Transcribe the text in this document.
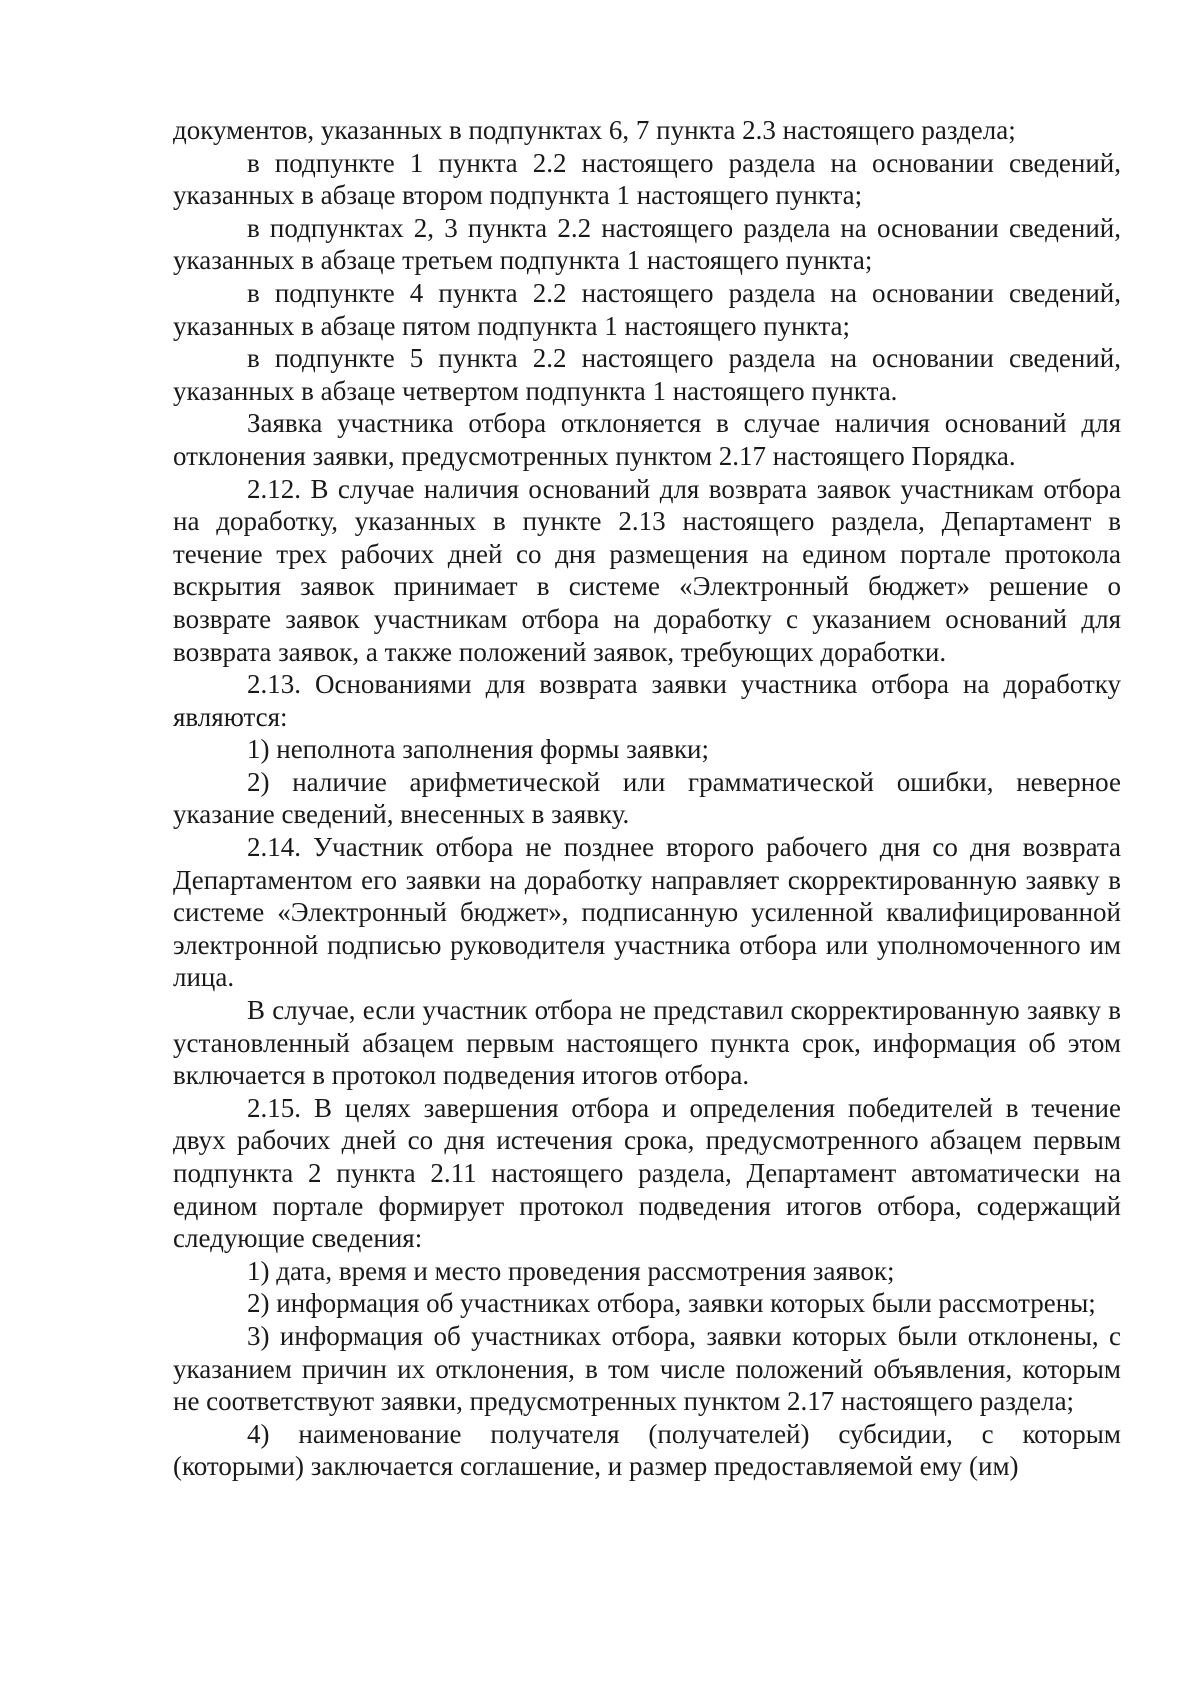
документов, указанных в подпунктах 6, 7 пункта 2.3 настоящего раздела;

в подпункте 1 пункта 2.2 настоящего раздела на основании сведений, указанных в абзаце втором подпункта 1 настоящего пункта;

в подпунктах 2, 3 пункта 2.2 настоящего раздела на основании сведений, указанных в абзаце третьем подпункта 1 настоящего пункта;

в подпункте 4 пункта 2.2 настоящего раздела на основании сведений, указанных в абзаце пятом подпункта 1 настоящего пункта;

в подпункте 5 пункта 2.2 настоящего раздела на основании сведений, указанных в абзаце четвертом подпункта 1 настоящего пункта.

Заявка участника отбора отклоняется в случае наличия оснований для отклонения заявки, предусмотренных пунктом 2.17 настоящего Порядка.

2.12. В случае наличия оснований для возврата заявок участникам отбора на доработку, указанных в пункте 2.13 настоящего раздела, Департамент в течение трех рабочих дней со дня размещения на едином портале протокола вскрытия заявок принимает в системе «Электронный бюджет» решение о возврате заявок участникам отбора на доработку с указанием оснований для возврата заявок, а также положений заявок, требующих доработки.

2.13. Основаниями для возврата заявки участника отбора на доработку являются:

1) неполнота заполнения формы заявки;

2) наличие арифметической или грамматической ошибки, неверное указание сведений, внесенных в заявку.

2.14. Участник отбора не позднее второго рабочего дня со дня возврата Департаментом его заявки на доработку направляет скорректированную заявку в системе «Электронный бюджет», подписанную усиленной квалифицированной электронной подписью руководителя участника отбора или уполномоченного им лица.

В случае, если участник отбора не представил скорректированную заявку в установленный абзацем первым настоящего пункта срок, информация об этом включается в протокол подведения итогов отбора.

2.15. В целях завершения отбора и определения победителей в течение двух рабочих дней со дня истечения срока, предусмотренного абзацем первым подпункта 2 пункта 2.11 настоящего раздела, Департамент автоматически на едином портале формирует протокол подведения итогов отбора, содержащий следующие сведения:

1) дата, время и место проведения рассмотрения заявок;

2) информация об участниках отбора, заявки которых были рассмотрены;

3) информация об участниках отбора, заявки которых были отклонены, с указанием причин их отклонения, в том числе положений объявления, которым не соответствуют заявки, предусмотренных пунктом 2.17 настоящего раздела;

4) наименование получателя (получателей) субсидии, с которым (которыми) заключается соглашение, и размер предоставляемой ему (им)
